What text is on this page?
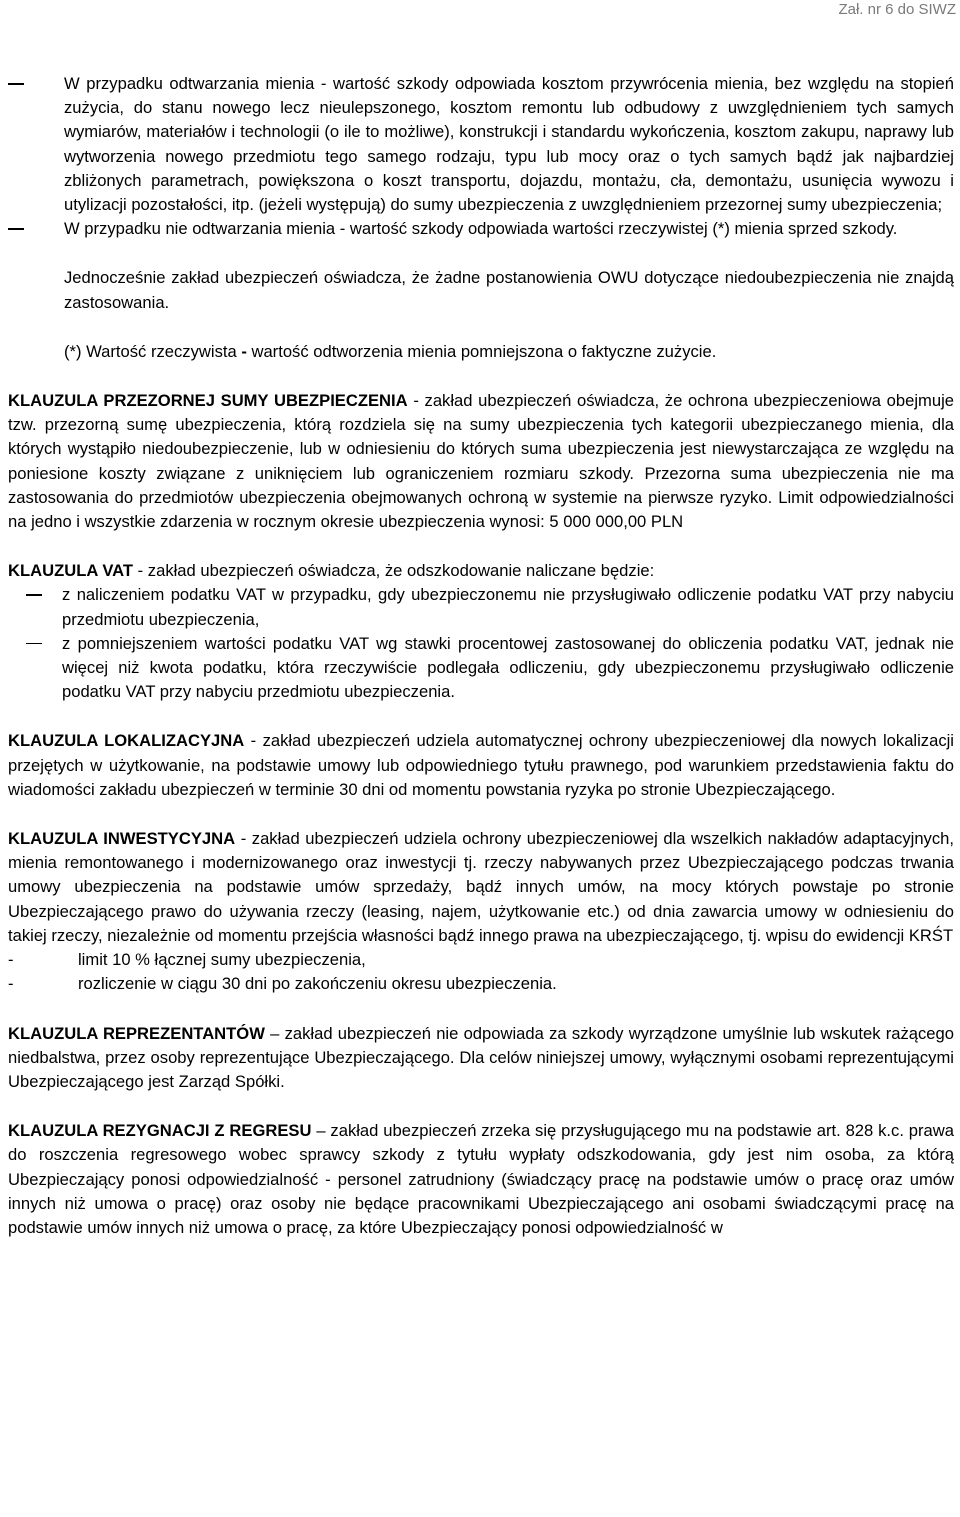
Zał. nr 6 do SIWZ

W przypadku odtwarzania mienia - wartość szkody odpowiada kosztom przywrócenia mienia, bez względu na stopień zużycia, do stanu nowego lecz nieulepszonego, kosztom remontu lub odbudowy z uwzględnieniem tych samych wymiarów, materiałów i technologii (o ile to możliwe), konstrukcji i standardu wykończenia, kosztom zakupu, naprawy lub wytworzenia nowego przedmiotu tego samego rodzaju, typu lub mocy oraz o tych samych bądź jak najbardziej zbliżonych parametrach, powiększona o koszt transportu, dojazdu, montażu, cła, demontażu, usunięcia wywozu i utylizacji pozostałości, itp. (jeżeli występują) do sumy ubezpieczenia z uwzględnieniem przezornej sumy ubezpieczenia;

W przypadku nie odtwarzania mienia - wartość szkody odpowiada wartości rzeczywistej (*) mienia sprzed szkody.

Jednocześnie zakład ubezpieczeń oświadcza, że żadne postanowienia OWU dotyczące niedoubezpieczenia nie znajdą zastosowania.

(*) Wartość rzeczywista - wartość odtworzenia mienia pomniejszona o faktyczne zużycie.

KLAUZULA PRZEZORNEJ SUMY UBEZPIECZENIA - zakład ubezpieczeń oświadcza, że ochrona ubezpieczeniowa obejmuje tzw. przezorną sumę ubezpieczenia, którą rozdziela się na sumy ubezpieczenia tych kategorii ubezpieczanego mienia, dla których wystąpiło niedoubezpieczenie, lub w odniesieniu do których suma ubezpieczenia jest niewystarczająca ze względu na poniesione koszty związane z uniknięciem lub ograniczeniem rozmiaru szkody. Przezorna suma ubezpieczenia nie ma zastosowania do przedmiotów ubezpieczenia obejmowanych ochroną w systemie na pierwsze ryzyko. Limit odpowiedzialności na jedno i wszystkie zdarzenia w rocznym okresie ubezpieczenia wynosi: 5 000 000,00 PLN

KLAUZULA VAT - zakład ubezpieczeń oświadcza, że odszkodowanie naliczane będzie:

z naliczeniem podatku VAT w przypadku, gdy ubezpieczonemu nie przysługiwało odliczenie podatku VAT przy nabyciu przedmiotu ubezpieczenia,

z pomniejszeniem wartości podatku VAT wg stawki procentowej zastosowanej do obliczenia podatku VAT, jednak nie więcej niż kwota podatku, która rzeczywiście podlegała odliczeniu, gdy ubezpieczonemu przysługiwało odliczenie podatku VAT przy nabyciu przedmiotu ubezpieczenia.

KLAUZULA LOKALIZACYJNA - zakład ubezpieczeń udziela automatycznej ochrony ubezpieczeniowej dla nowych lokalizacji przejętych w użytkowanie, na podstawie umowy lub odpowiedniego tytułu prawnego, pod warunkiem przedstawienia faktu do wiadomości zakładu ubezpieczeń w terminie 30 dni od momentu powstania ryzyka po stronie Ubezpieczającego.

KLAUZULA INWESTYCYJNA - zakład ubezpieczeń udziela ochrony ubezpieczeniowej dla wszelkich nakładów adaptacyjnych, mienia remontowanego i modernizowanego oraz inwestycji tj. rzeczy nabywanych przez Ubezpieczającego podczas trwania umowy ubezpieczenia na podstawie umów sprzedaży, bądź innych umów, na mocy których powstaje po stronie Ubezpieczającego prawo do używania rzeczy (leasing, najem, użytkowanie etc.) od dnia zawarcia umowy w odniesieniu do takiej rzeczy, niezależnie od momentu przejścia własności bądź innego prawa na ubezpieczającego, tj. wpisu do ewidencji KRŚT

-	limit 10 % łącznej sumy ubezpieczenia,

-	rozliczenie w ciągu 30 dni po zakończeniu okresu ubezpieczenia.

KLAUZULA REPREZENTANTÓW – zakład ubezpieczeń nie odpowiada za szkody wyrządzone umyślnie lub wskutek rażącego niedbalstwa, przez osoby reprezentujące Ubezpieczającego. Dla celów niniejszej umowy, wyłącznymi osobami reprezentującymi Ubezpieczającego jest Zarząd Spółki.

KLAUZULA REZYGNACJI Z REGRESU – zakład ubezpieczeń zrzeka się przysługującego mu na podstawie art. 828 k.c. prawa do roszczenia regresowego wobec sprawcy szkody z tytułu wypłaty odszkodowania, gdy jest nim osoba, za którą Ubezpieczający ponosi odpowiedzialność - personel zatrudniony (świadczący pracę na podstawie umów o pracę oraz umów innych niż umowa o pracę) oraz osoby nie będące pracownikami Ubezpieczającego ani osobami świadczącymi pracę na podstawie umów innych niż umowa o pracę, za które Ubezpieczający ponosi odpowiedzialność w
